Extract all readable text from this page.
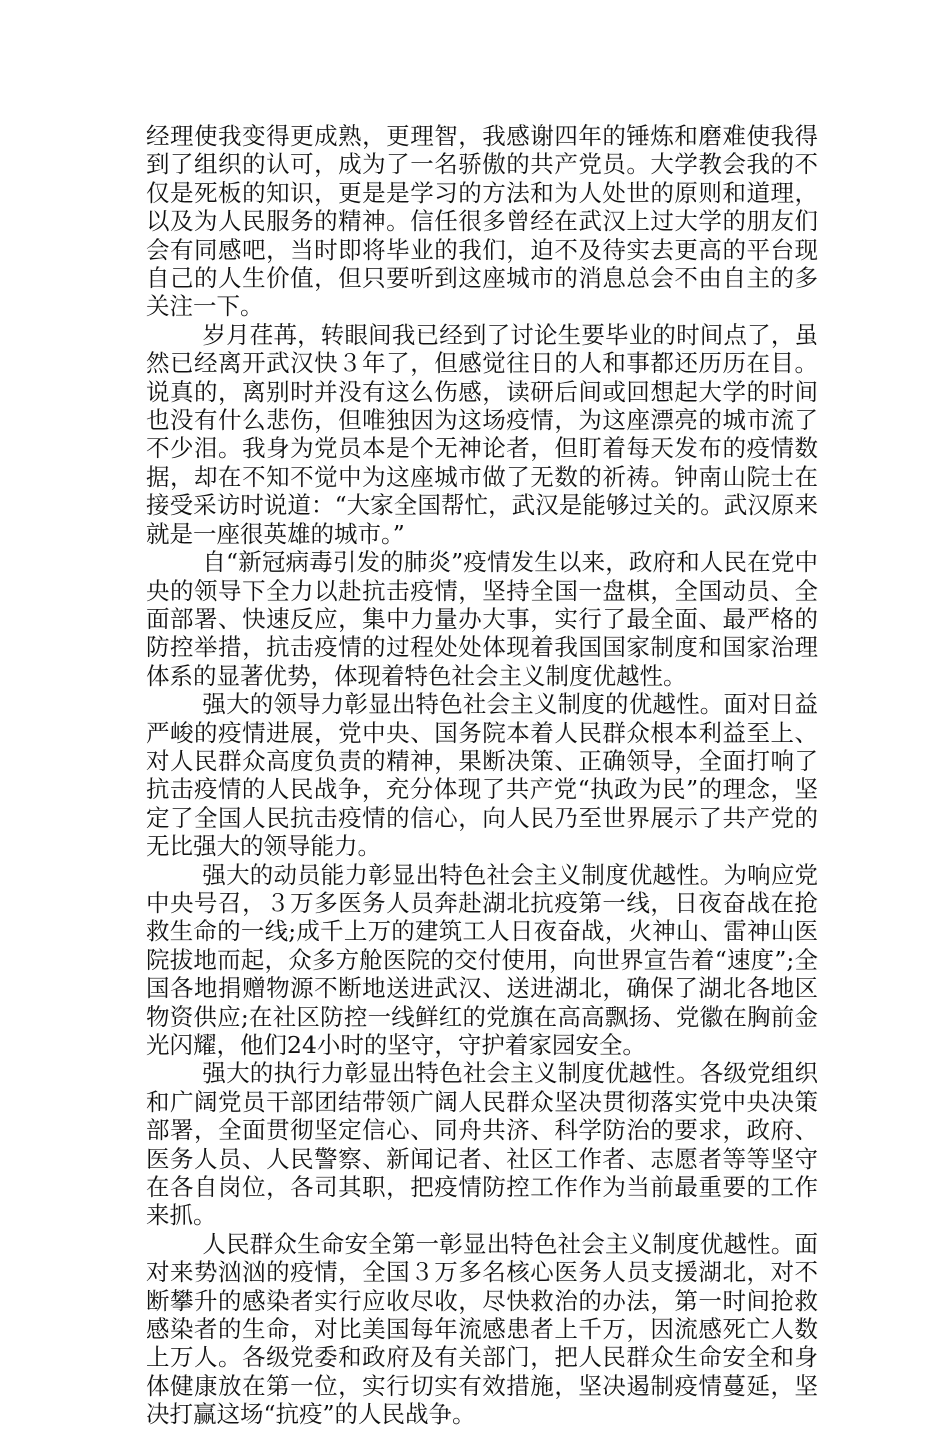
经理使我变得更成熟，更理智，我感谢四年的锤炼和磨难使我得到了组织的认可，成为了一名骄傲的共产党员。大学教会我的不仅是死板的知识，更是是学习的方法和为人处世的原则和道理，以及为人民服务的精神。信任很多曾经在武汉上过大学的朋友们会有同感吧，当时即将毕业的我们，迫不及待实去更高的平台现自己的人生价值，但只要听到这座城市的消息总会不由自主的多关注一下。

岁月荏苒，转眼间我已经到了讨论生要毕业的时间点了，虽然已经离开武汉快３年了，但感觉往日的人和事都还历历在目。说真的，离别时并没有这么伤感，读研后间或回想起大学的时间也没有什么悲伤，但唯独因为这场疫情，为这座漂亮的城市流了不少泪。我身为党员本是个无神论者，但盯着每天发布的疫情数据，却在不知不觉中为这座城市做了无数的祈祷。钟南山院士在接受采访时说道：“大家全国帮忙，武汉是能够过关的。武汉原来就是一座很英雄的城市。”

自“新冠病毒引发的肺炎”疫情发生以来，政府和人民在党中央的领导下全力以赴抗击疫情，坚持全国一盘棋，全国动员、全面部署、快速反应，集中力量办大事，实行了最全面、最严格的防控举措，抗击疫情的过程处处体现着我国国家制度和国家治理体系的显著优势，体现着特色社会主义制度优越性。

强大的领导力彰显出特色社会主义制度的优越性。面对日益严峻的疫情进展，党中央、国务院本着人民群众根本利益至上、对人民群众高度负责的精神，果断决策、正确领导，全面打响了抗击疫情的人民战争，充分体现了共产党“执政为民”的理念，坚定了全国人民抗击疫情的信心，向人民乃至世界展示了共产党的无比强大的领导能力。

强大的动员能力彰显出特色社会主义制度优越性。为响应党中央号召，３万多医务人员奔赴湖北抗疫第一线，日夜奋战在抢救生命的一线;成千上万的建筑工人日夜奋战，火神山、雷神山医院拔地而起，众多方舱医院的交付使用，向世界宣告着“速度”;全国各地捐赠物源不断地送进武汉、送进湖北，确保了湖北各地区物资供应;在社区防控一线鲜红的党旗在高高飘扬、党徽在胸前金光闪耀，他们24小时的坚守，守护着家园安全。

强大的执行力彰显出特色社会主义制度优越性。各级党组织和广阔党员干部团结带领广阔人民群众坚决贯彻落实党中央决策部署，全面贯彻坚定信心、同舟共济、科学防治的要求，政府、医务人员、人民警察、新闻记者、社区工作者、志愿者等等坚守在各自岗位，各司其职，把疫情防控工作作为当前最重要的工作来抓。

人民群众生命安全第一彰显出特色社会主义制度优越性。面对来势汹汹的疫情，全国３万多名核心医务人员支援湖北，对不断攀升的感染者实行应收尽收，尽快救治的办法，第一时间抢救感染者的生命，对比美国每年流感患者上千万，因流感死亡人数上万人。各级党委和政府及有关部门，把人民群众生命安全和身体健康放在第一位，实行切实有效措施，坚决遏制疫情蔓延，坚决打赢这场“抗疫”的人民战争。
